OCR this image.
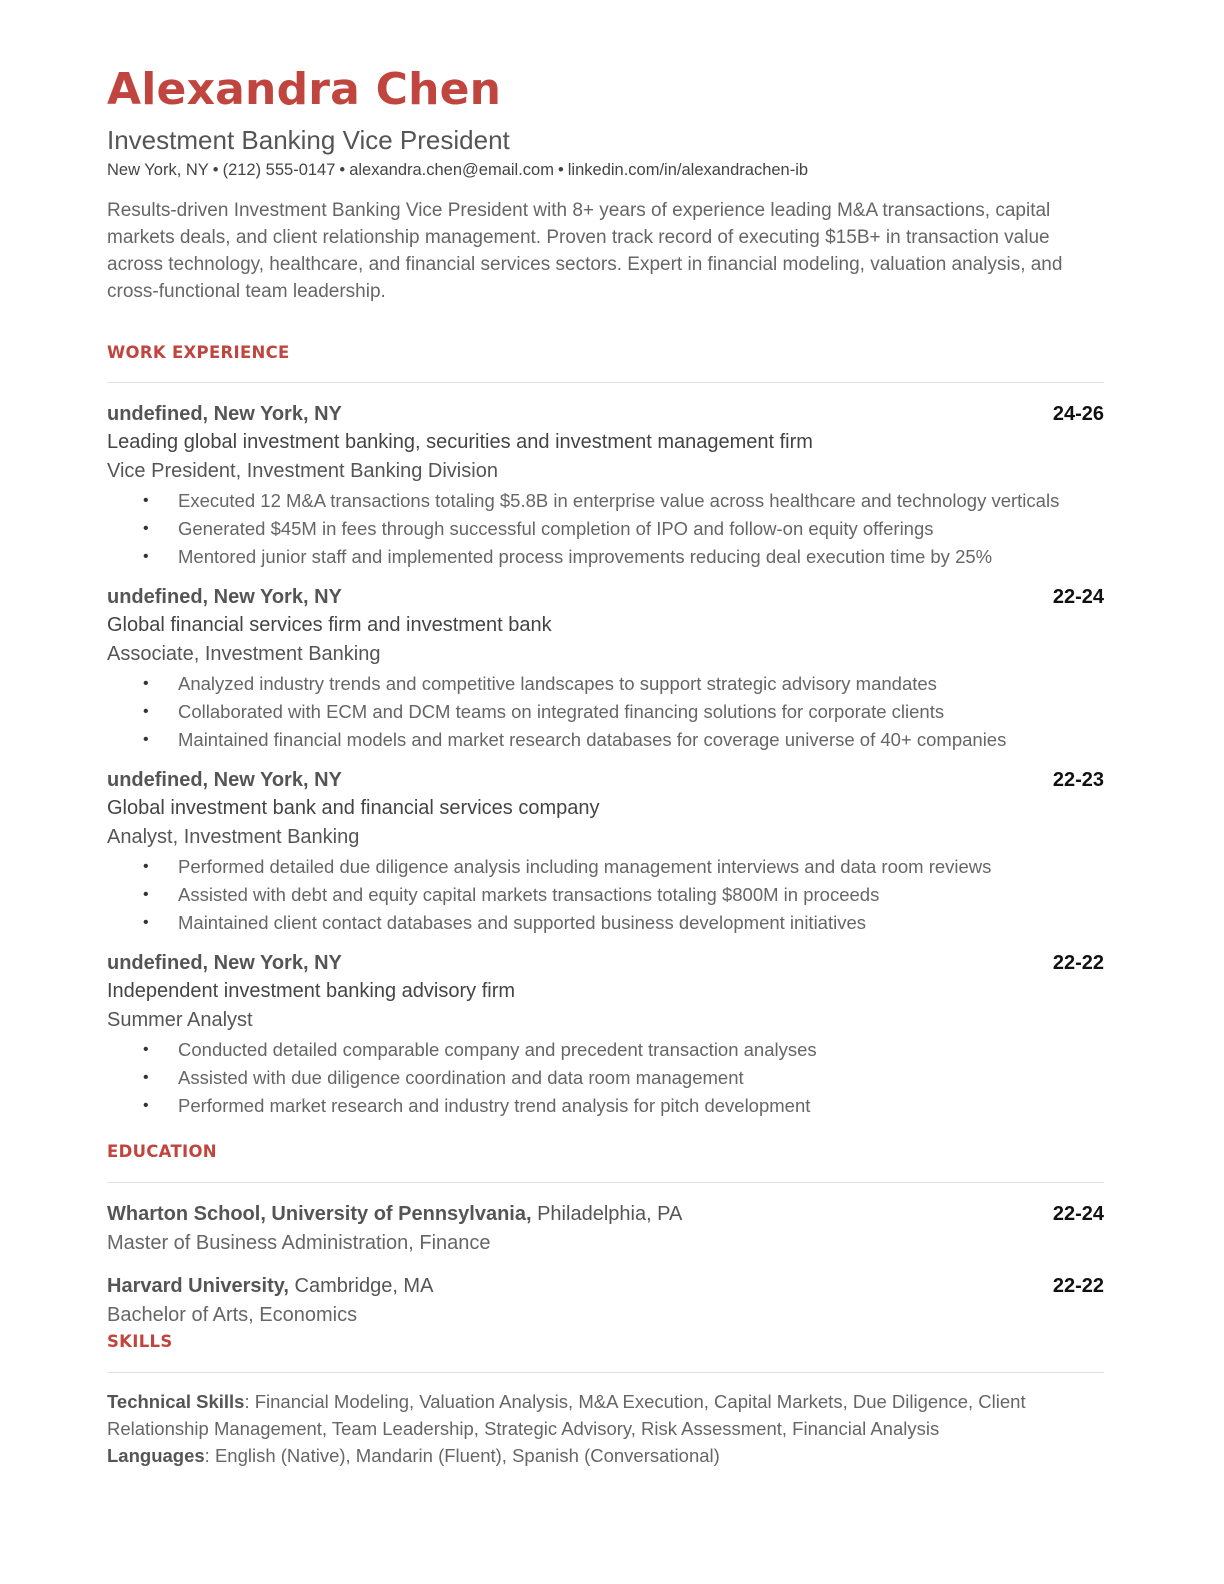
Alexandra Chen
Investment Banking Vice President
New York, NY • (212) 555-0147 • alexandra.chen@email.com • linkedin.com/in/alexandrachen-ib
Results-driven Investment Banking Vice President with 8+ years of experience leading M&A transactions, capital markets deals, and client relationship management. Proven track record of executing $15B+ in transaction value across technology, healthcare, and financial services sectors. Expert in financial modeling, valuation analysis, and cross-functional team leadership.
WORK EXPERIENCE
undefined, New York, NY	24-26
Leading global investment banking, securities and investment management firm
Vice President, Investment Banking Division
• Executed 12 M&A transactions totaling $5.8B in enterprise value across healthcare and technology verticals
• Generated $45M in fees through successful completion of IPO and follow-on equity offerings
• Mentored junior staff and implemented process improvements reducing deal execution time by 25%
undefined, New York, NY	22-24
Global financial services firm and investment bank
Associate, Investment Banking
• Analyzed industry trends and competitive landscapes to support strategic advisory mandates
• Collaborated with ECM and DCM teams on integrated financing solutions for corporate clients
• Maintained financial models and market research databases for coverage universe of 40+ companies
undefined, New York, NY	22-23
Global investment bank and financial services company
Analyst, Investment Banking
• Performed detailed due diligence analysis including management interviews and data room reviews
• Assisted with debt and equity capital markets transactions totaling $800M in proceeds
• Maintained client contact databases and supported business development initiatives
undefined, New York, NY	22-22
Independent investment banking advisory firm
Summer Analyst
• Conducted detailed comparable company and precedent transaction analyses
• Assisted with due diligence coordination and data room management
• Performed market research and industry trend analysis for pitch development
EDUCATION
Wharton School, University of Pennsylvania, Philadelphia, PA	22-24
Master of Business Administration, Finance
Harvard University, Cambridge, MA	22-22
Bachelor of Arts, Economics
SKILLS
Technical Skills: Financial Modeling, Valuation Analysis, M&A Execution, Capital Markets, Due Diligence, Client Relationship Management, Team Leadership, Strategic Advisory, Risk Assessment, Financial Analysis
Languages: English (Native), Mandarin (Fluent), Spanish (Conversational)
